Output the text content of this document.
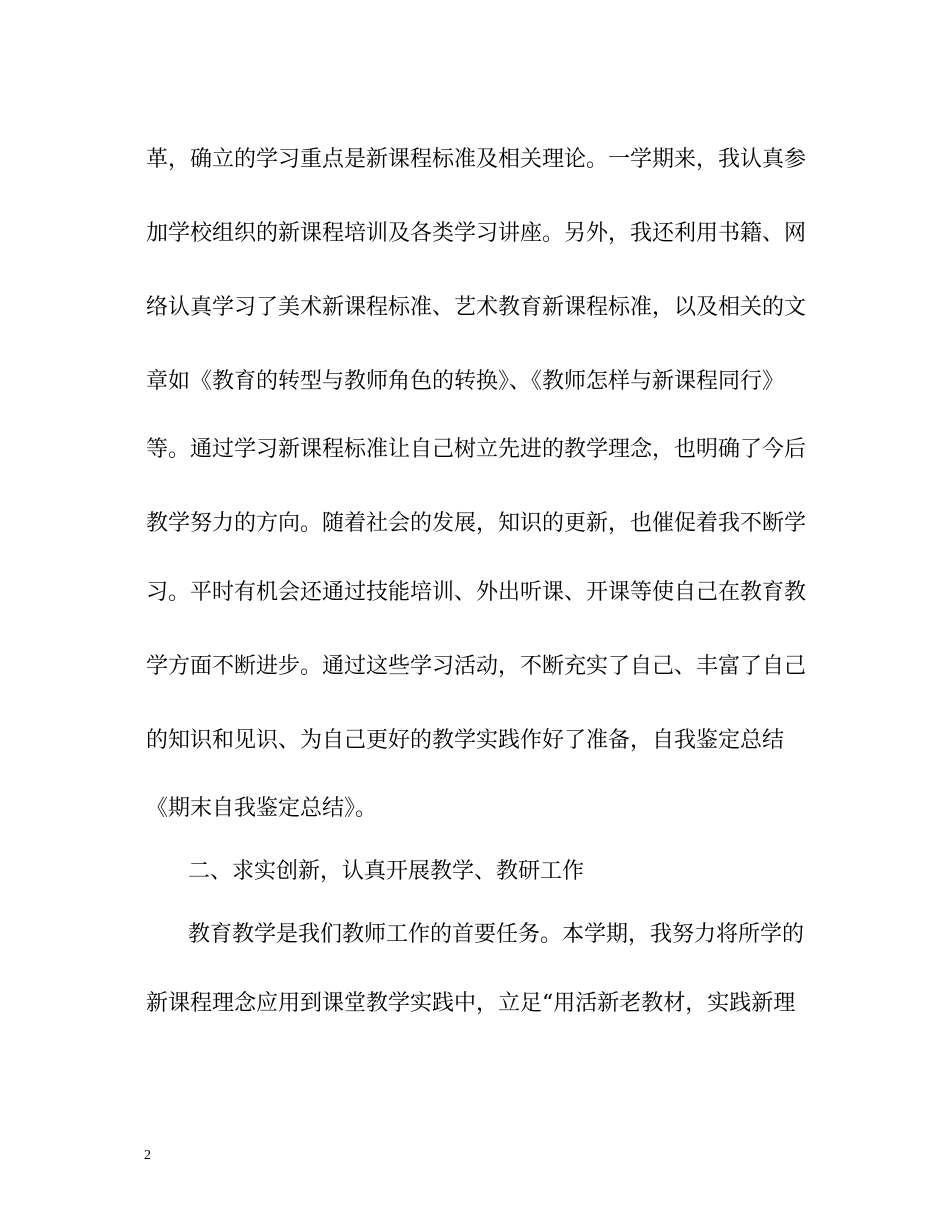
革，确立的学习重点是新课程标准及相关理论。一学期来，我认真参
加学校组织的新课程培训及各类学习讲座。另外，我还利用书籍、网
络认真学习了美术新课程标准、艺术教育新课程标准，以及相关的文
章如《教育的转型与教师角色的转换》、《教师怎样与新课程同行》
等。通过学习新课程标准让自己树立先进的教学理念，也明确了今后
教学努力的方向。随着社会的发展，知识的更新，也催促着我不断学
习。平时有机会还通过技能培训、外出听课、开课等使自己在教育教
学方面不断进步。通过这些学习活动，不断充实了自己、丰富了自己
的知识和见识、为自己更好的教学实践作好了准备，自我鉴定总结
《期末自我鉴定总结》。
二、求实创新，认真开展教学、教研工作
教育教学是我们教师工作的首要任务。本学期，我努力将所学的
新课程理念应用到课堂教学实践中，立足“用活新老教材，实践新理
2
